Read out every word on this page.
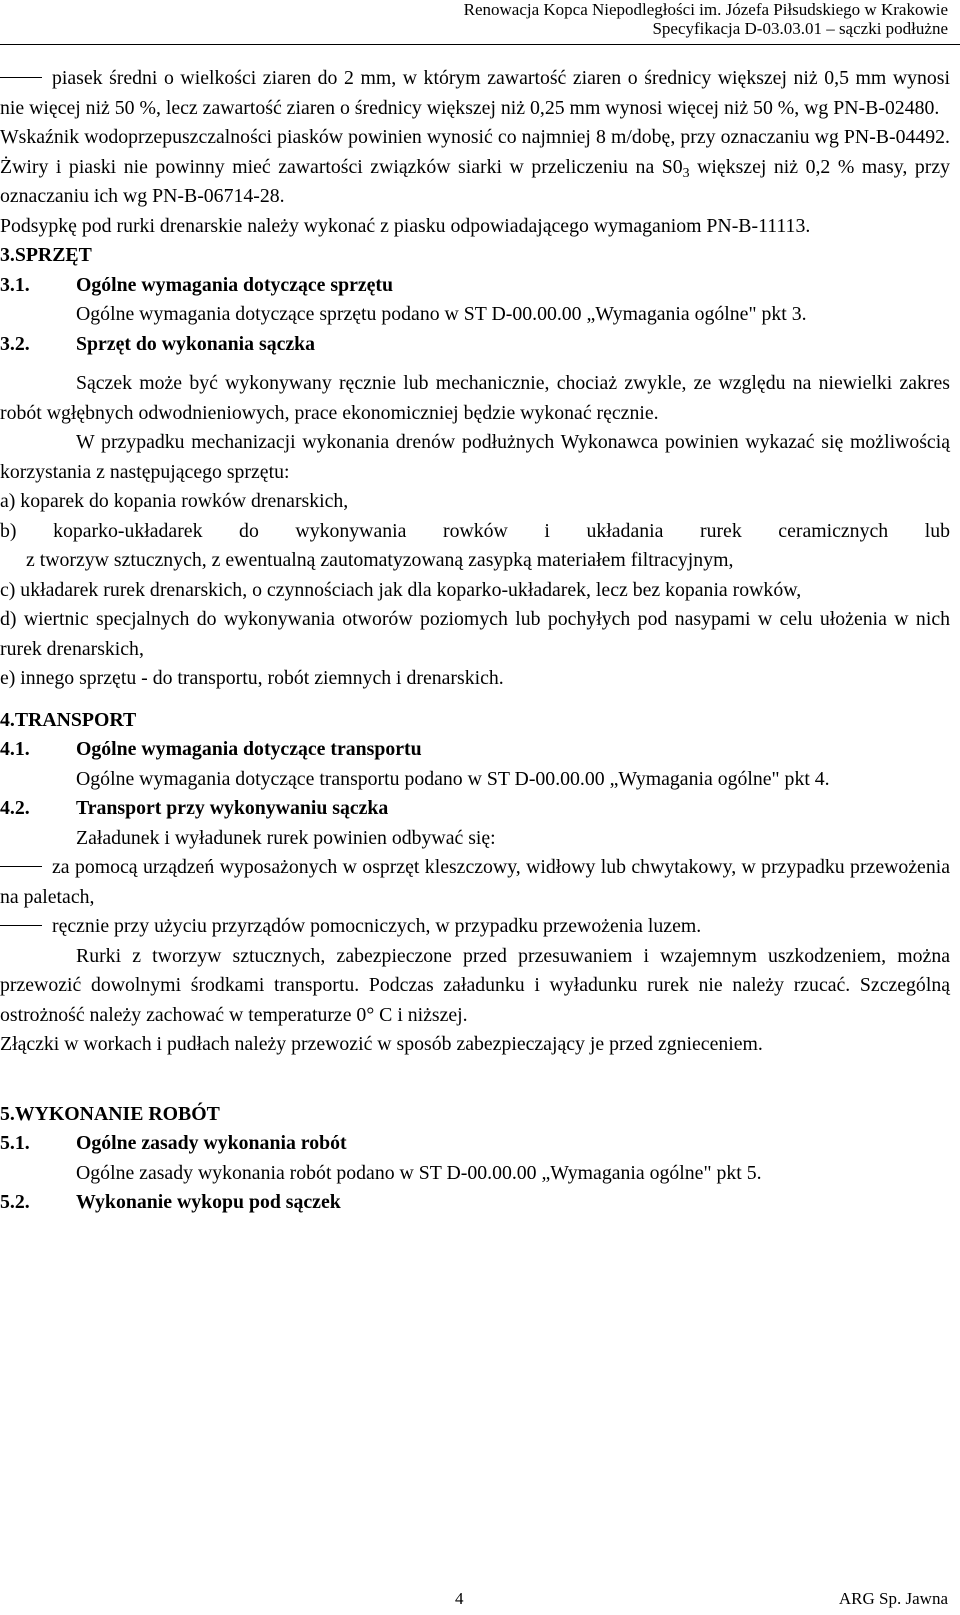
Renowacja Kopca Niepodległości im. Józefa Piłsudskiego w Krakowie
Specyfikacja D-03.03.01 – sączki podłużne

piasek średni o wielkości ziaren do 2 mm, w którym zawartość ziaren o średnicy większej niż 0,5 mm wynosi nie więcej niż 50 %, lecz zawartość ziaren o średnicy większej niż 0,25 mm wynosi więcej niż 50 %, wg PN-B-02480.

Wskaźnik wodoprzepuszczalności piasków powinien wynosić co najmniej 8 m/dobę, przy oznaczaniu wg PN-B-04492. Żwiry i piaski nie powinny mieć zawartości związków siarki w przeliczeniu na $S0_3$ większej niż 0,2 % masy, przy oznaczaniu ich wg PN-B-06714-28.

Podsypkę pod rurki drenarskie należy wykonać z piasku odpowiadającego wymaganiom PN-B-11113.

3.SPRZĘT

3.1. Ogólne wymagania dotyczące sprzętu

Ogólne wymagania dotyczące sprzętu podano w ST D-00.00.00 „Wymagania ogólne" pkt 3.

3.2. Sprzęt do wykonania sączka

Sączek może być wykonywany ręcznie lub mechanicznie, chociaż zwykle, ze względu na niewielki zakres robót wgłębnych odwodnieniowych, prace ekonomiczniej będzie wykonać ręcznie.

W przypadku mechanizacji wykonania drenów podłużnych Wykonawca powinien wykazać się możliwością korzystania z następującego sprzętu:

a) koparek do kopania rowków drenarskich,

b) koparko-układarek do wykonywania rowków i układania rurek ceramicznych lub

z tworzyw sztucznych, z ewentualną zautomatyzowaną zasypką materiałem filtracyjnym,

c) układarek rurek drenarskich, o czynnościach jak dla koparko-układarek, lecz bez kopania rowków,

d) wiertnic specjalnych do wykonywania otworów poziomych lub pochyłych pod nasypami w celu ułożenia w nich rurek drenarskich,

e) innego sprzętu - do transportu, robót ziemnych i drenarskich.

4.TRANSPORT

4.1. Ogólne wymagania dotyczące transportu

Ogólne wymagania dotyczące transportu podano w ST D-00.00.00 „Wymagania ogólne" pkt 4.

4.2. Transport przy wykonywaniu sączka

Załadunek i wyładunek rurek powinien odbywać się:

za pomocą urządzeń wyposażonych w osprzęt kleszczowy, widłowy lub chwytakowy, w przypadku przewożenia na paletach,

ręcznie przy użyciu przyrządów pomocniczych, w przypadku przewożenia luzem.

Rurki z tworzyw sztucznych, zabezpieczone przed przesuwaniem i wzajemnym uszkodzeniem, można przewozić dowolnymi środkami transportu. Podczas załadunku i wyładunku rurek nie należy rzucać. Szczególną ostrożność należy zachować w temperaturze 0° C i niższej.

Złączki w workach i pudłach należy przewozić w sposób zabezpieczający je przed zgnieceniem.

5.WYKONANIE ROBÓT

5.1. Ogólne zasady wykonania robót

Ogólne zasady wykonania robót podano w ST D-00.00.00 „Wymagania ogólne" pkt 5.

5.2. Wykonanie wykopu pod sączek
4	ARG Sp. Jawna
